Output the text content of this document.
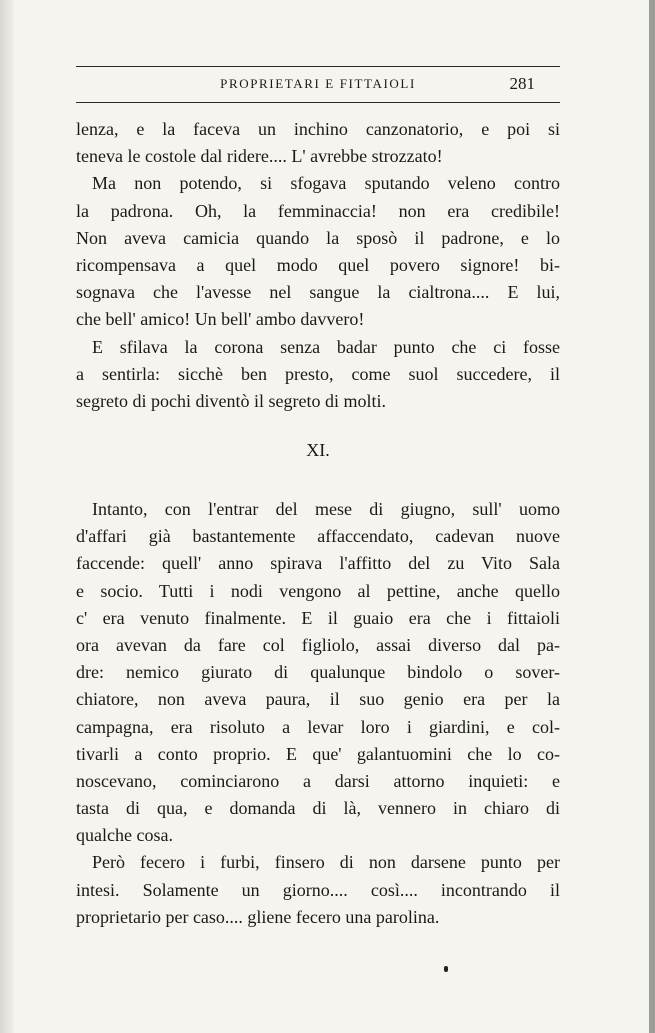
PROPRIETARI E FITTAIOLI	281
lenza, e la faceva un inchino canzonatorio, e poi si
teneva le costole dal ridere.... L' avrebbe strozzato!
Ma non potendo, si sfogava sputando veleno contro
la padrona. Oh, la femminaccia! non era credibile!
Non aveva camicia quando la sposò il padrone, e lo
ricompensava a quel modo quel povero signore! bi-
sognava che l'avesse nel sangue la cialtrona.... E lui,
che bell' amico! Un bell' ambo davvero!
E sfilava la corona senza badar punto che ci fosse
a sentirla: sicchè ben presto, come suol succedere, il
segreto di pochi diventò il segreto di molti.
XI.
Intanto, con l'entrar del mese di giugno, sull' uomo
d'affari già bastantemente affaccendato, cadevan nuove
faccende: quell' anno spirava l'affitto del zu Vito Sala
e socio. Tutti i nodi vengono al pettine, anche quello
c' era venuto finalmente. E il guaio era che i fittaioli
ora avevan da fare col figliolo, assai diverso dal pa-
dre: nemico giurato di qualunque bindolo o sover-
chiatore, non aveva paura, il suo genio era per la
campagna, era risoluto a levar loro i giardini, e col-
tivarli a conto proprio. E que' galantuomini che lo co-
noscevano, cominciarono a darsi attorno inquieti: e
tasta di qua, e domanda di là, vennero in chiaro di
qualche cosa.
Però fecero i furbi, finsero di non darsene punto per
intesi. Solamente un giorno.... così.... incontrando il
proprietario per caso.... gliene fecero una parolina.
